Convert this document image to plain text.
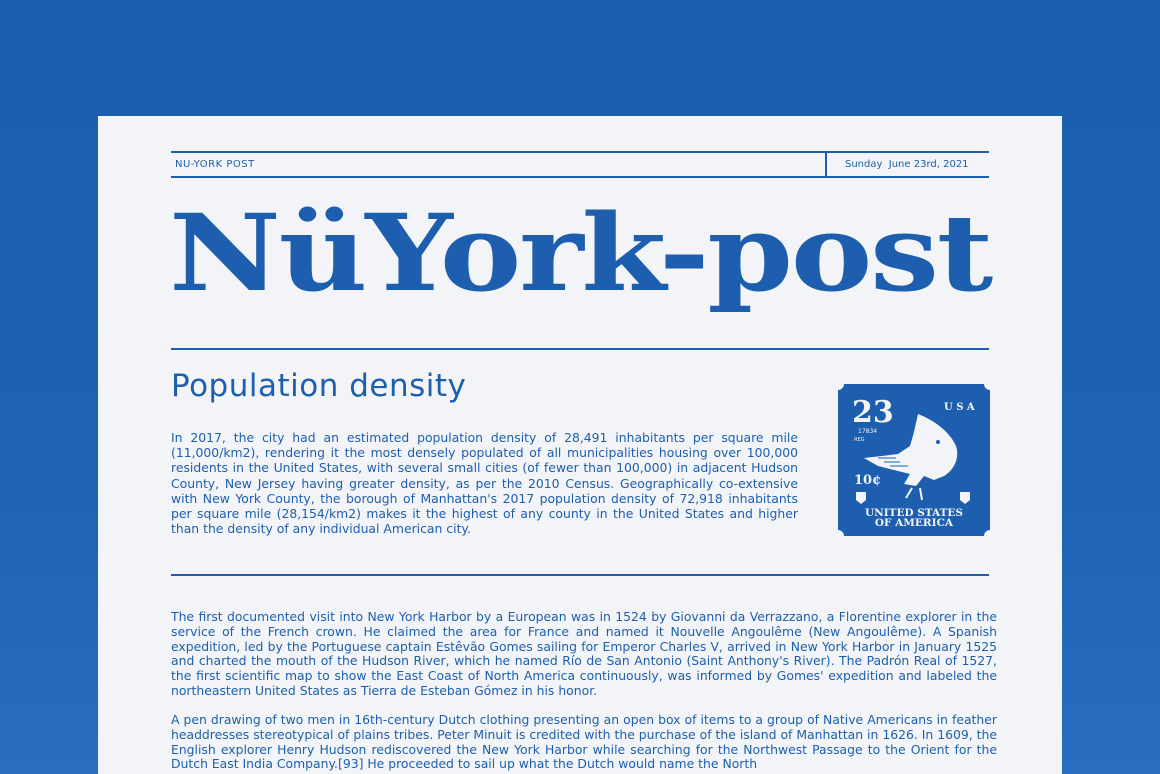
NU-YORK POST	Sunday  June 23rd, 2021
NüYork-post
Population density

In 2017, the city had an estimated population density of 28,491 inhabitants per square mile (11,000/km2), rendering it the most densely populated of all municipalities housing over 100,000 residents in the United States, with several small cities (of fewer than 100,000) in adjacent Hudson County, New Jersey having greater density, as per the 2010 Census. Geographically co-extensive with New York County, the borough of Manhattan's 2017 population density of 72,918 inhabitants per square mile (28,154/km2) makes it the highest of any county in the United States and higher than the density of any individual American city.

23	U S A
17834
REG
10¢
UNITED STATES
OF AMERICA

The first documented visit into New York Harbor by a European was in 1524 by Giovanni da Verrazzano, a Florentine explorer in the service of the French crown. He claimed the area for France and named it Nouvelle Angoulême (New Angoulême). A Spanish expedition, led by the Portuguese captain Estêvão Gomes sailing for Emperor Charles V, arrived in New York Harbor in January 1525 and charted the mouth of the Hudson River, which he named Río de San Antonio (Saint Anthony's River). The Padrón Real of 1527, the first scientific map to show the East Coast of North America continuously, was informed by Gomes' expedition and labeled the northeastern United States as Tierra de Esteban Gómez in his honor.

A pen drawing of two men in 16th-century Dutch clothing presenting an open box of items to a group of Native Americans in feather headdresses stereotypical of plains tribes. Peter Minuit is credited with the purchase of the island of Manhattan in 1626. In 1609, the English explorer Henry Hudson rediscovered the New York Harbor while searching for the Northwest Passage to the Orient for the Dutch East India Company.[93] He proceeded to sail up what the Dutch would name the North
